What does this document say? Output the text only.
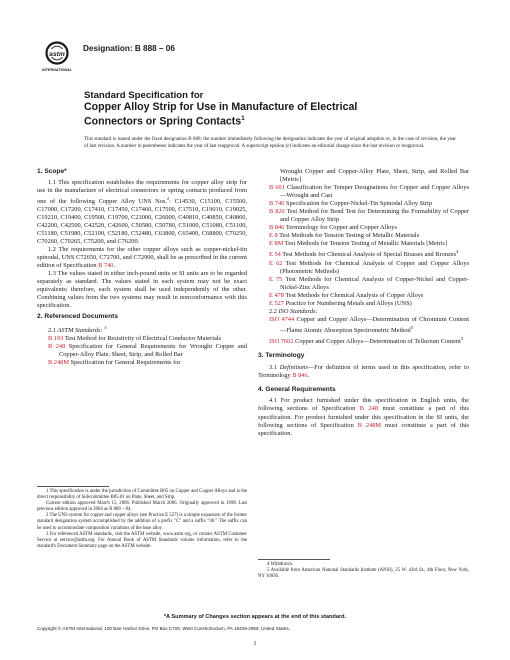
astm
INTERNATIONAL
Designation: B 888 – 06
Standard Specification for
Copper Alloy Strip for Use in Manufacture of Electrical
Connectors or Spring Contacts$^1$
This standard is issued under the fixed designation B 888; the number immediately following the designation indicates the year of original adoption or, in the case of revision, the year of last revision. A number in parentheses indicates the year of last reapproval. A superscript epsilon (ε) indicates an editorial change since the last revision or reapproval.
1. Scope*

1.1 This specification establishes the requirements for copper alloy strip for use in the manufacture of electrical connectors or spring contacts produced from one of the following Copper Alloy UNS Nos.$^2$: C14530, C15100, C15500, C17000, C17200, C17410, C17450, C17460, C17500, C17510, C19010, C19025, C19210, C19400, C19500, C19700, C23000, C26000, C40810, C40850, C40860, C42200, C42500, C42520, C42600, C50580, C50780, C51000, C51080, C51100, C51180, C51980, C52100, C52180, C52480, C63800, C65400, C68800, C70250, C70260, C70265, C75200, and C76200.

1.2 The requirements for the other copper alloys such as copper-nickel-tin spinodal, UNS C72650, C72700, and C72900, shall be as prescribed in the current edition of Specification B 740.

1.3 The values stated in either inch-pound units or SI units are to be regarded separately as standard. The values stated in each system may not be exact equivalents; therefore, each system shall be used independently of the other. Combining values from the two systems may result in nonconformance with this specification.

2. Referenced Documents

2.1 ASTM Standards: $^3$

B 193 Test Method for Resistivity of Electrical Conductor Materials

B 248 Specification for General Requirements for Wrought Copper and Copper-Alloy Plate, Sheet, Strip, and Rolled Bar

B 248M Specification for General Requirements for

Wrought Copper and Copper-Alloy Plate, Sheet, Strip, and Rolled Bar [Metric]

B 601 Classification for Temper Designations for Copper and Copper Alloys—Wrought and Cast

B 740 Specification for Copper-Nickel-Tin Spinodal Alloy Strip

B 820 Test Method for Bend Test for Determining the Formability of Copper and Copper Alloy Strip

B 846 Terminology for Copper and Copper Alloys

E 8 Test Methods for Tension Testing of Metallic Materials

E 8M Test Methods for Tension Testing of Metallic Materials [Metric]

E 54 Test Methods for Chemical Analysis of Special Brasses and Bronzes$^4$

E 62 Test Methods for Chemical Analysis of Copper and Copper Alloys (Photometric Methods)

E 75 Test Methods for Chemical Analysis of Copper-Nickel and Copper-Nickel-Zinc Alloys

E 478 Test Methods for Chemical Analysis of Copper Alloys

E 527 Practice for Numbering Metals and Alloys (UNS)

2.2 ISO Standards:

ISO 4744 Copper and Copper Alloys—Determination of Chromium Content—Flame Atomic Absorption Spectrometric Method$^5$

ISO 7602 Copper and Copper Alloys—Determination of Tellurium Content$^5$

3. Terminology

3.1 Definitions—For definition of terms used in this specification, refer to Terminology B 846.

4. General Requirements

4.1 For product furnished under this specification in English units, the following sections of Specification B 248 must constitute a part of this specification. For product furnished under this specification in the SI units, the following sections of Specification B 248M must constitute a part of this specification.

1 This specification is under the jurisdiction of Committee B05 on Copper and Copper Alloys and is the direct responsibility of Subcommittee B05.01 on Plate, Sheet, and Strip.

Current edition approved March 15, 2006. Published March 2006. Originally approved in 1998. Last previous edition approved in 2004 as B 888 – 04.

2 The UNS system for copper and copper alloys (see Practice E 527) is a simple expansion of the former standard designation system accomplished by the addition of a prefix "C" and a suffix "00." The suffix can be used to accommodate composition variations of the base alloy.

3 For referenced ASTM standards, visit the ASTM website, www.astm.org, or contact ASTM Customer Service at service@astm.org. For Annual Book of ASTM Standards volume information, refer to the standard's Document Summary page on the ASTM website.

4 Withdrawn.

5 Available from American National Standards Institute (ANSI), 25 W. 43rd St., 4th Floor, New York, NY 10036.

*A Summary of Changes section appears at the end of this standard.
Copyright © ASTM International, 100 Barr Harbor Drive, PO Box C700, West Conshohocken, PA 19428-2959, United States.
1
